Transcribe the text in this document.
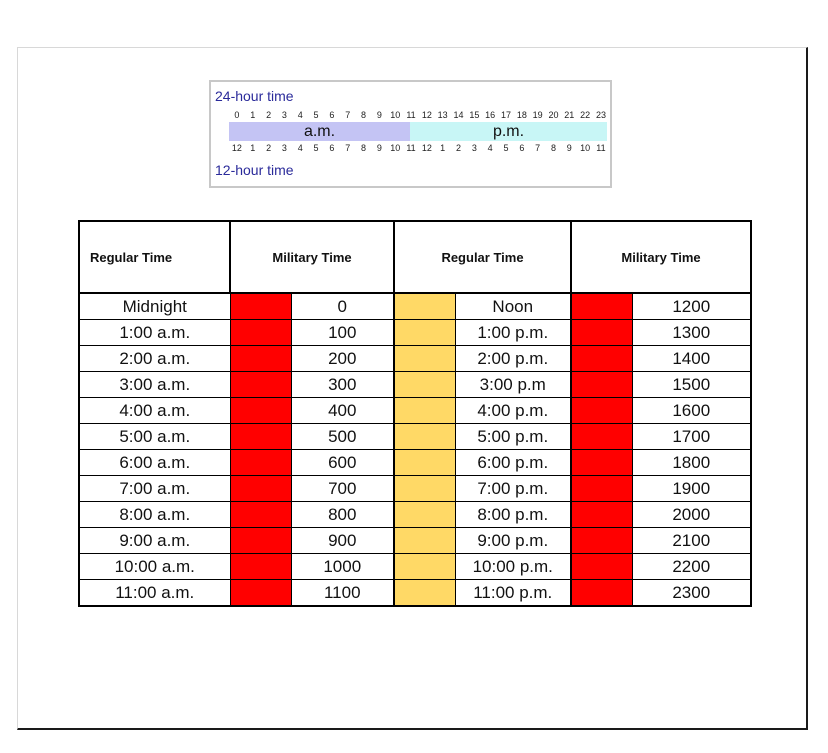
24-hour time
0	1	2	3	4	5	6	7	8	9 10 11 12 13 14 15 16 17 18 19 20 21 22 23
a.m.	p.m.
12 1	2	3	4	5	6	7	8	9 10 11 12 1	2	3	4	5	6	7	8	9 10 11
12-hour time
Regular Time	Military Time		Regular Time		Military Time	
Midnight		0		Noon		1200
1:00 a.m.		100		1:00 p.m.		1300
2:00 a.m.		200		2:00 p.m.		1400
3:00 a.m.		300		3:00 p.m		1500
4:00 a.m.		400		4:00 p.m.		1600
5:00 a.m.		500		5:00 p.m.		1700
6:00 a.m.		600		6:00 p.m.		1800
7:00 a.m.		700		7:00 p.m.		1900
8:00 a.m.		800		8:00 p.m.		2000
9:00 a.m.		900		9:00 p.m.		2100
10:00 a.m.		1000		10:00 p.m.		2200
11:00 a.m.		1100		11:00 p.m.		2300
